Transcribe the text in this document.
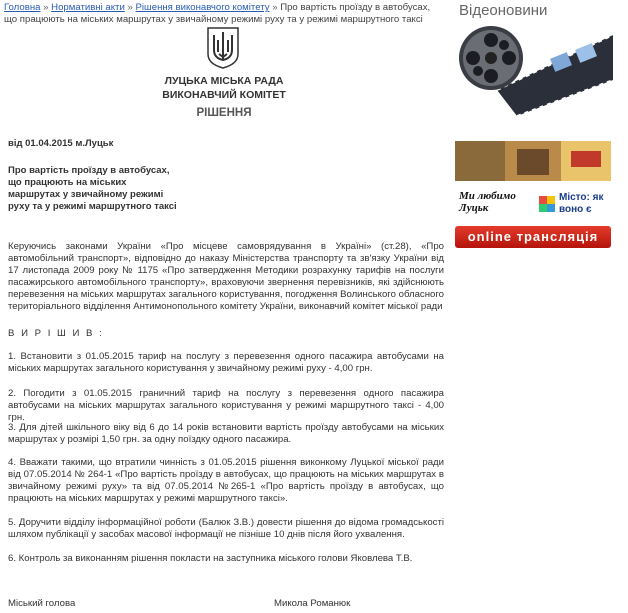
Головна » Нормативні акти » Рішення виконавчого комітету » Про вартість проїзду в автобусах, що працюють на міських маршрутах у звичайному режимі руху та у режимі маршрутного таксі
ЛУЦЬКА МІСЬКА РАДА
ВИКОНАВЧИЙ КОМІТЕТ
РІШЕННЯ
від 01.04.2015 м.Луцьк
Про вартість проїзду в автобусах, що працюють на міських маршрутах у звичайному режимі руху та у режимі маршрутного таксі
Керуючись законами України «Про місцеве самоврядування в Україні» (ст.28), «Про автомобільний транспорт», відповідно до наказу Міністерства транспорту та зв'язку України від 17 листопада 2009 року № 1175 «Про затвердження Методики розрахунку тарифів на послуги пасажирського автомобільного транспорту», враховуючи звернення перевізників, які здійснюють перевезення на міських маршрутах загального користування, погодження Волинського обласного територіального відділення Антимонопольного комітету України, виконавчий комітет міської ради
В И Р І Ш И В :
1. Встановити з 01.05.2015 тариф на послугу з перевезення одного пасажира автобусами на міських маршрутах загального користування у звичайному режимі руху - 4,00 грн.
2. Погодити з 01.05.2015 граничний тариф на послугу з перевезення одного пасажира автобусами на міських маршрутах загального користування у режимі маршрутного таксі - 4,00 грн.
3. Для дітей шкільного віку від 6 до 14 років встановити вартість проїзду автобусами на міських маршрутах у розмірі 1,50 грн. за одну поїздку одного пасажира.
4. Вважати такими, що втратили чинність з 01.05.2015 рішення виконкому Луцької міської ради від 07.05.2014 № 264-1 «Про вартість проїзду в автобусах, що працюють на міських маршрутах в звичайному режимі руху» та від 07.05.2014 №265-1 «Про вартість проїзду в автобусах, що працюють на міських маршрутах у режимі маршрутного таксі».
5. Доручити відділу інформаційної роботи (Балюк З.В.) довести рішення до відома громадськості шляхом публікації у засобах масової інформації не пізніше 10 днів після його ухвалення.
6. Контроль за виконанням рішення покласти на заступника міського голови Яковлева Т.В.
Міський голова	Микола Романюк
Відеоновини
Ми любимо Луцьк
Місто: як воно є
online трансляція
